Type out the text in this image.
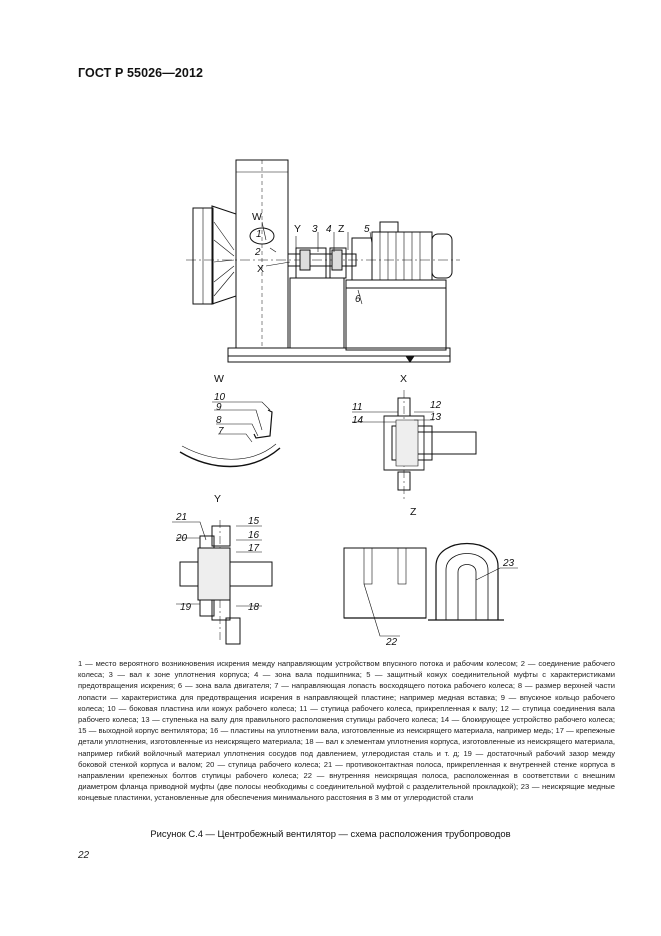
ГОСТ Р 55026—2012
W
1
2
X
Y 3 4 Z 5
6
W
10
9
8
7
X
11
14
12
13
Y
21
20
15
16
17
19	18
Z
22
23
1 — место вероятного возникновения искрения между направляющим устройством впускного потока и рабочим колесом; 2 — соединение рабочего колеса; 3 — вал к зоне уплотнения корпуса; 4 — зона вала подшипника; 5 — защитный кожух соединительной муфты с характеристиками предотвращения искрения; 6 — зона вала двигателя; 7 — направляющая лопасть восходящего потока рабочего колеса; 8 — размер верхней части лопасти — характеристика для предотвращения искрения в направляющей пластине; например медная вставка; 9 — впускное кольцо рабочего колеса; 10 — боковая пластина или кожух рабочего колеса; 11 — ступица рабочего колеса, прикрепленная к валу; 12 — ступица соединения вала рабочего колеса; 13 — ступенька на валу для правильного расположения ступицы рабочего колеса; 14 — блокирующее устройство рабочего колеса; 15 — выходной корпус вентилятора; 16 — пластины на уплотнении вала, изготовленные из неискрящего материала, например медь; 17 — крепежные детали уплотнения, изготовленные из неискрящего материала; 18 — вал к элементам уплотнения корпуса, изготовленные из неискрящего материала, например гибкий войлочный материал уплотнения сосудов под давлением, углеродистая сталь и т. д; 19 — достаточный рабочий зазор между боковой стенкой корпуса и валом; 20 — ступица рабочего колеса; 21 — противоконтактная полоса, прикрепленная к внутренней стенке корпуса в направлении крепежных болтов ступицы рабочего колеса; 22 — внутренняя неискрящая полоса, расположенная в соответствии с внешним диаметром фланца приводной муфты (две полосы необходимы с соединительной муфтой с разделительной прокладкой); 23 — неискрящие медные концевые пластинки, установленные для обеспечения минимального расстояния в 3 мм от углеродистой стали
Рисунок С.4 — Центробежный вентилятор — схема расположения трубопроводов
22
